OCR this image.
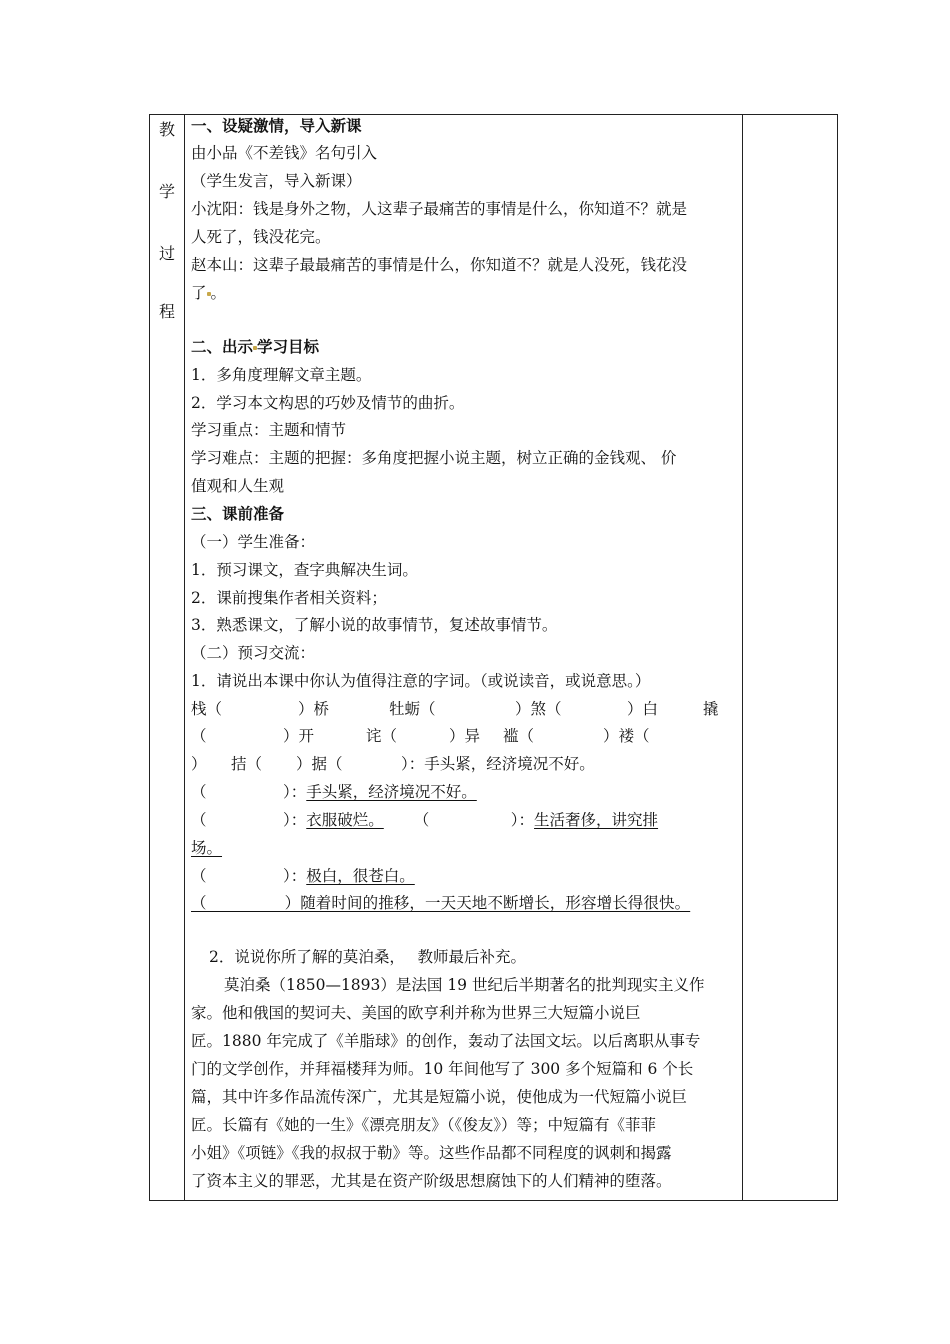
教
学
过
程
一、设疑激情，导入新课
由小品《不差钱》名句引入
（学生发言，导入新课）
小沈阳：钱是身外之物，人这辈子最痛苦的事情是什么，你知道不？就是
人死了，钱没花完。
赵本山：这辈子最最痛苦的事情是什么，你知道不？就是人没死，钱花没
了 。
二、出示 学习目标
1．多角度理解文章主题。
2．学习本文构思的巧妙及情节的曲折。
学习重点：主题和情节
学习难点：主题的把握：多角度把握小说主题，树立正确的金钱观、 价
值观和人生观
三、课前准备
（一）学生准备：
1．预习课文，查字典解决生词。
2．课前搜集作者相关资料；
3．熟悉课文，了解小说的故事情节，复述故事情节。
（二）预习交流：
1．请说出本课中你认为值得注意的字词。（或说读音，或说意思。）
栈（	）桥	牡蛎（	）煞（	）白	撬
（	）开	诧（	）异 褴（	）褛（
） 拮（ ）据（	）：手头紧，经济境况不好。
（	）：手头紧，经济境况不好。
（	）：衣服破烂。 （	）：生活奢侈，讲究排
场。
（	）：极白，很苍白。
（　　　　　）随着时间的推移，一天天地不断增长，形容增长得很快。
2．说说你所了解的莫泊桑，　 教师最后补充。
莫泊桑（1850—1893）是法国 19 世纪后半期著名的批判现实主义作
家。他和俄国的契诃夫、美国的欧亨利并称为世界三大短篇小说巨
匠。1880 年完成了《羊脂球》的创作，轰动了法国文坛。以后离职从事专
门的文学创作，并拜福楼拜为师。10 年间他写了 300 多个短篇和 6 个长
篇，其中许多作品流传深广，尤其是短篇小说，使他成为一代短篇小说巨
匠。长篇有《她的一生》《漂亮朋友》（《俊友》）等；中短篇有《菲菲
小姐》《项链》《我的叔叔于勒》等。这些作品都不同程度的讽刺和揭露
了资本主义的罪恶，尤其是在资产阶级思想腐蚀下的人们精神的堕落。
